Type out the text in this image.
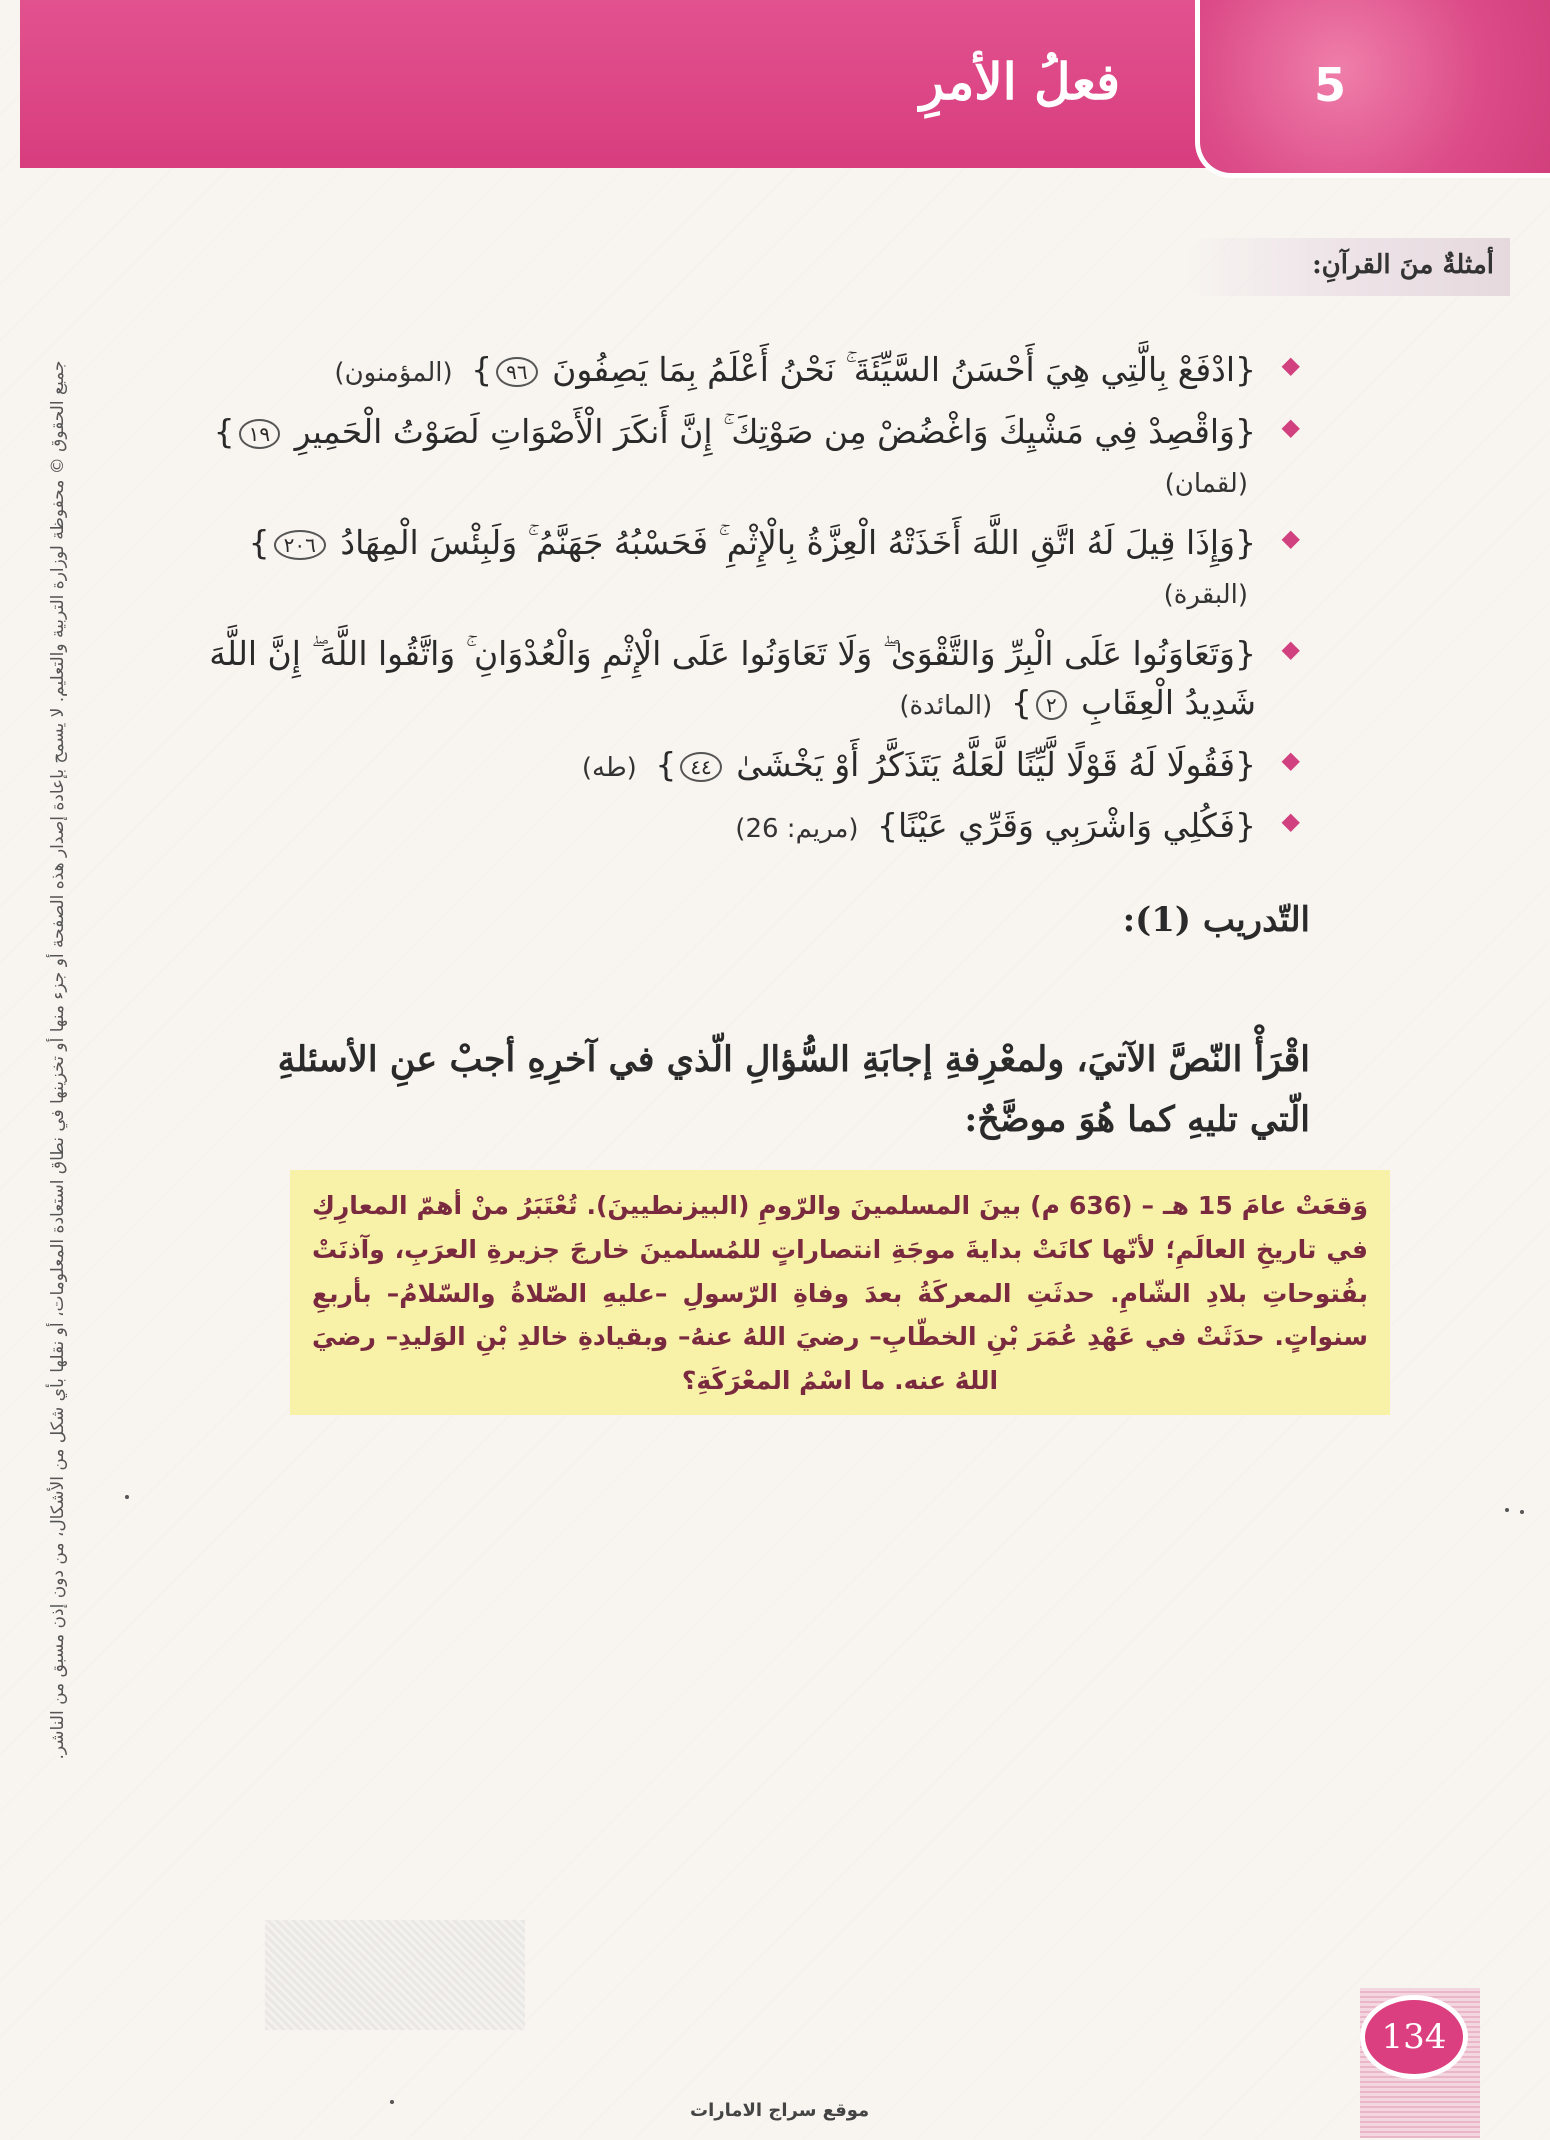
5
فعلُ الأمرِ
جميع الحقوق © محفوظة لوزارة التربية والتعليم. لا يسمح بإعادة إصدار هذه الصفحة أو جزء منها أو تخزينها في نطاق استعادة المعلومات، أو نقلها بأي شكل من الأشكال، من دون إذن مسبق من الناشر.
أمثلةٌ منَ القرآنِ:
◆
{ادْفَعْ بِالَّتِي هِيَ أَحْسَنُ السَّيِّئَةَ ۚ نَحْنُ أَعْلَمُ بِمَا يَصِفُونَ ٩٦} (المؤمنون)
◆
{وَاقْصِدْ فِي مَشْيِكَ وَاغْضُضْ مِن صَوْتِكَ ۚ إِنَّ أَنكَرَ الْأَصْوَاتِ لَصَوْتُ الْحَمِيرِ ١٩} (لقمان)
◆
{وَإِذَا قِيلَ لَهُ اتَّقِ اللَّهَ أَخَذَتْهُ الْعِزَّةُ بِالْإِثْمِ ۚ فَحَسْبُهُ جَهَنَّمُ ۚ وَلَبِئْسَ الْمِهَادُ ٢٠٦} (البقرة)
◆
{وَتَعَاوَنُوا عَلَى الْبِرِّ وَالتَّقْوَىٰ ۖ وَلَا تَعَاوَنُوا عَلَى الْإِثْمِ وَالْعُدْوَانِ ۚ وَاتَّقُوا اللَّهَ ۖ إِنَّ اللَّهَ شَدِيدُ الْعِقَابِ ٢} (المائدة)
◆
{فَقُولَا لَهُ قَوْلًا لَّيِّنًا لَّعَلَّهُ يَتَذَكَّرُ أَوْ يَخْشَىٰ ٤٤} (طه)
◆
{فَكُلِي وَاشْرَبِي وَقَرِّي عَيْنًا} (مريم: 26)
التّدريب (1):
اقْرَأْ النّصَّ الآتيَ، ولمعْرِفةِ إجابَةِ السُّؤالِ الّذي في آخرِهِ أجبْ عنِ الأسئلةِ الّتي تليهِ كما هُوَ موضَّحٌ:

وَقعَتْ عامَ 15 هـ – (636 م) بينَ المسلمينَ والرّومِ (البيزنطيينَ). تُعْتَبَرُ منْ أهمّ المعارِكِ في تاريخِ العالَمِ؛ لأنّها كانَتْ بدايةَ موجَةِ انتصاراتٍ للمُسلمينَ خارجَ جزيرةِ العرَبِ، وآذنَتْ بفُتوحاتِ بلادِ الشّامِ. حدثَتِ المعركَةُ بعدَ وفاةِ الرّسولِ –عليهِ الصّلاةُ والسّلامُ– بأربعِ سنواتٍ. حدَثَتْ في عَهْدِ عُمَرَ بْنِ الخطّابِ– رضيَ اللهُ عنهُ– وبقيادةِ خالدِ بْنِ الوَليدِ– رضيَ اللهُ عنه. ما اسْمُ المعْرَكَةِ؟

134
موقع سراج الامارات
